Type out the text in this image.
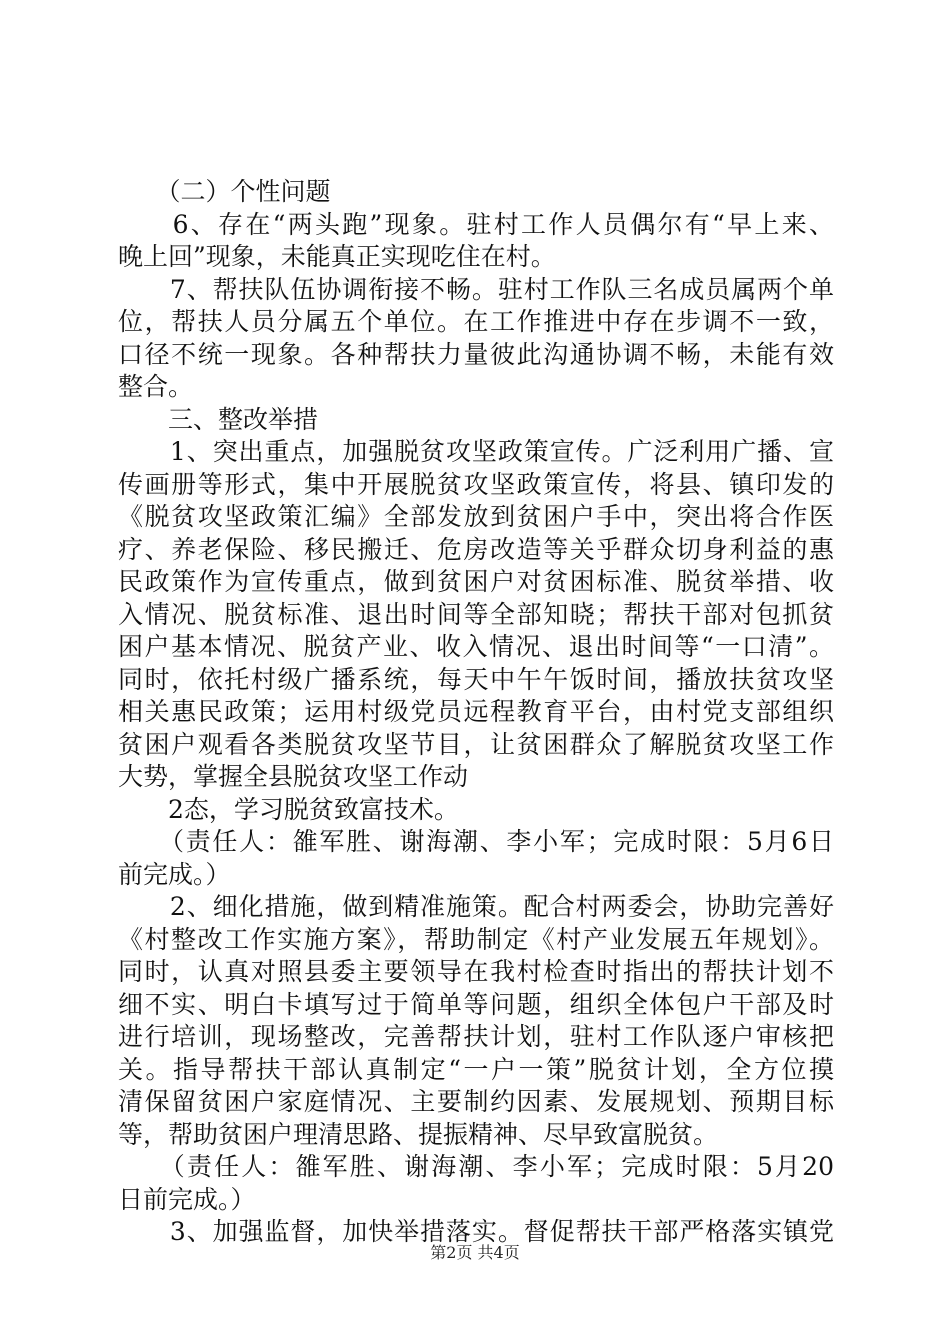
　　（二）个性问题
　　6、存在“两头跑”现象。驻村工作人员偶尔有“早上来、
晚上回”现象，未能真正实现吃住在村。
　　7、帮扶队伍协调衔接不畅。驻村工作队三名成员属两个单
位，帮扶人员分属五个单位。在工作推进中存在步调不一致，
口径不统一现象。各种帮扶力量彼此沟通协调不畅，未能有效
整合。
　　三、整改举措
　　1、突出重点，加强脱贫攻坚政策宣传。广泛利用广播、宣
传画册等形式，集中开展脱贫攻坚政策宣传，将县、镇印发的
《脱贫攻坚政策汇编》全部发放到贫困户手中，突出将合作医
疗、养老保险、移民搬迁、危房改造等关乎群众切身利益的惠
民政策作为宣传重点，做到贫困户对贫困标准、脱贫举措、收
入情况、脱贫标准、退出时间等全部知晓；帮扶干部对包抓贫
困户基本情况、脱贫产业、收入情况、退出时间等“一口清”。
同时，依托村级广播系统，每天中午午饭时间，播放扶贫攻坚
相关惠民政策；运用村级党员远程教育平台，由村党支部组织
贫困户观看各类脱贫攻坚节目，让贫困群众了解脱贫攻坚工作
大势，掌握全县脱贫攻坚工作动
　　2态，学习脱贫致富技术。
　　（责任人：雒军胜、谢海潮、李小军；完成时限：5月6日
前完成。）
　　2、细化措施，做到精准施策。配合村两委会，协助完善好
《村整改工作实施方案》，帮助制定《村产业发展五年规划》。
同时，认真对照县委主要领导在我村检查时指出的帮扶计划不
细不实、明白卡填写过于简单等问题，组织全体包户干部及时
进行培训，现场整改，完善帮扶计划，驻村工作队逐户审核把
关。指导帮扶干部认真制定“一户一策”脱贫计划，全方位摸
清保留贫困户家庭情况、主要制约因素、发展规划、预期目标
等，帮助贫困户理清思路、提振精神、尽早致富脱贫。
　　（责任人：雒军胜、谢海潮、李小军；完成时限：5月20
日前完成。）
　　3、加强监督，加快举措落实。督促帮扶干部严格落实镇党
第2页 共4页
